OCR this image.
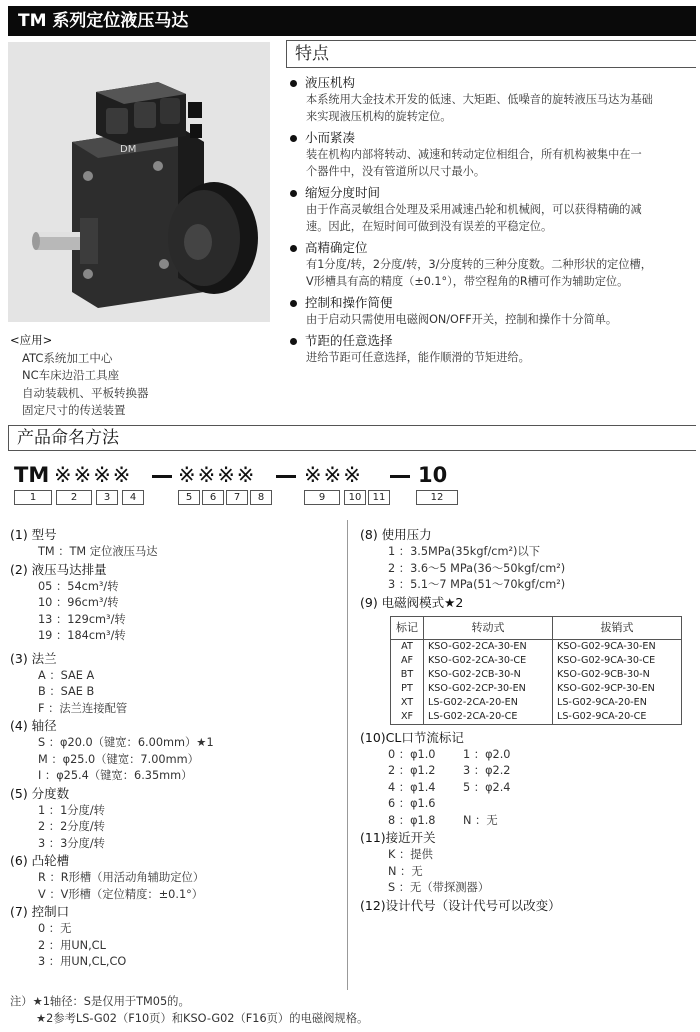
TM 系列定位液压马达
DM
特点
液压机构
本系统用大金技术开发的低速、大矩距、低噪音的旋转液压马达为基础
来实现液压机构的旋转定位。
小而紧凑
装在机构内部将转动、减速和转动定位相组合，所有机构被集中在一
个器件中，没有管道所以尺寸最小。
缩短分度时间
由于作高灵敏组合处理及采用减速凸轮和机械阀，可以获得精确的减
速。因此，在短时间可做到没有误差的平稳定位。
高精确定位
有1分度/转，2分度/转，3/分度转的三种分度数。二种形状的定位槽，
V形槽具有高的精度（±0.1°），带空程角的R槽可作为辅助定位。
控制和操作简便
由于启动只需使用电磁阀ON/OFF开关，控制和操作十分简单。
节距的任意选择
进给节距可任意选择，能作顺滑的节矩进给。
<应用>
ATC系统加工中心
NC车床边沿工具座
自动装载机、平板转换器
固定尺寸的传送装置
产品命名方法
TM ※※※※ ※※※※ ※※※	10
1	2	3	4	5	6	7	8	9	10	11	12
(1) 型号
TM ：TM 定位液压马达
(2) 液压马达排量
05 ：54cm³/转
10 ：96cm³/转
13 ：129cm³/转
19 ：184cm³/转
(3) 法兰
A ：SAE A
B ：SAE B
F ：法兰连接配管
(4) 轴径
S ：φ20.0（键宽：6.00mm）★1
M ：φ25.0（键宽：7.00mm）
I ：φ25.4（键宽：6.35mm）
(5) 分度数
1 ：1分度/转
2 ：2分度/转
3 ：3分度/转
(6) 凸轮槽
R ：R形槽（用活动角辅助定位）
V ：V形槽（定位精度：±0.1°）
(7) 控制口
0 ：无
2 ：用UN,CL
3 ：用UN,CL,CO
(8) 使用压力
1 ：3.5MPa(35kgf/cm²)以下
2 ：3.6～5 MPa(36～50kgf/cm²)
3 ：5.1～7 MPa(51～70kgf/cm²)
(9) 电磁阀模式★2
标记	转动式	拔销式
AT	KSO-G02-2CA-30-EN	KSO-G02-9CA-30-EN
AF	KSO-G02-2CA-30-CE	KSO-G02-9CA-30-CE
BT	KSO-G02-2CB-30-N	KSO-G02-9CB-30-N
PT	KSO-G02-2CP-30-EN	KSO-G02-9CP-30-EN
XT	LS-G02-2CA-20-EN	LS-G02-9CA-20-EN
XF	LS-G02-2CA-20-CE	LS-G02-9CA-20-CE
(10)CL口节流标记
0 ：φ1.0	1 ：φ2.0
2 ：φ1.2	3 ：φ2.2
4 ：φ1.4	5 ：φ2.4
6 ：φ1.6
8 ：φ1.8	N ：无
(11)接近开关
K ：提供
N ：无
S ：无（带探测器）
(12)设计代号（设计代号可以改变）
注）★1轴径：S是仅用于TM05的。
★2参考LS-G02（F10页）和KSO-G02（F16页）的电磁阀规格。
